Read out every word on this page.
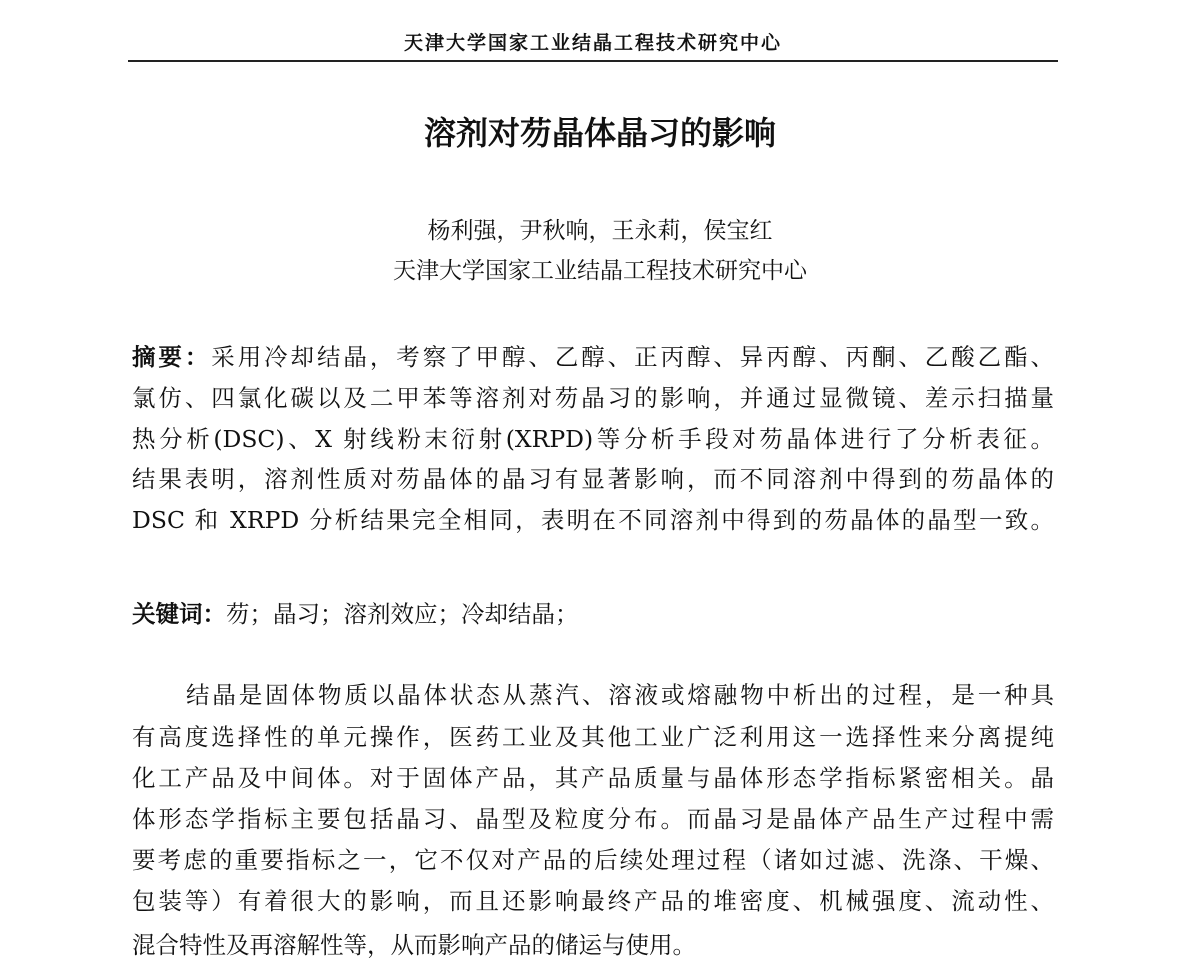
天津大学国家工业结晶工程技术研究中心
溶剂对芴晶体晶习的影响
杨利强，尹秋响，王永莉，侯宝红
天津大学国家工业结晶工程技术研究中心
摘要：采用冷却结晶，考察了甲醇、乙醇、正丙醇、异丙醇、丙酮、乙酸乙酯、
氯仿、四氯化碳以及二甲苯等溶剂对芴晶习的影响，并通过显微镜、差示扫描量
热分析(DSC)、X 射线粉末衍射(XRPD)等分析手段对芴晶体进行了分析表征。
结果表明，溶剂性质对芴晶体的晶习有显著影响，而不同溶剂中得到的芴晶体的
DSC 和 XRPD 分析结果完全相同，表明在不同溶剂中得到的芴晶体的晶型一致。
关键词：芴；晶习；溶剂效应；冷却结晶；
结晶是固体物质以晶体状态从蒸汽、溶液或熔融物中析出的过程，是一种具
有高度选择性的单元操作，医药工业及其他工业广泛利用这一选择性来分离提纯
化工产品及中间体。对于固体产品，其产品质量与晶体形态学指标紧密相关。晶
体形态学指标主要包括晶习、晶型及粒度分布。而晶习是晶体产品生产过程中需
要考虑的重要指标之一，它不仅对产品的后续处理过程（诸如过滤、洗涤、干燥、
包装等）有着很大的影响，而且还影响最终产品的堆密度、机械强度、流动性、
混合特性及再溶解性等，从而影响产品的储运与使用。
